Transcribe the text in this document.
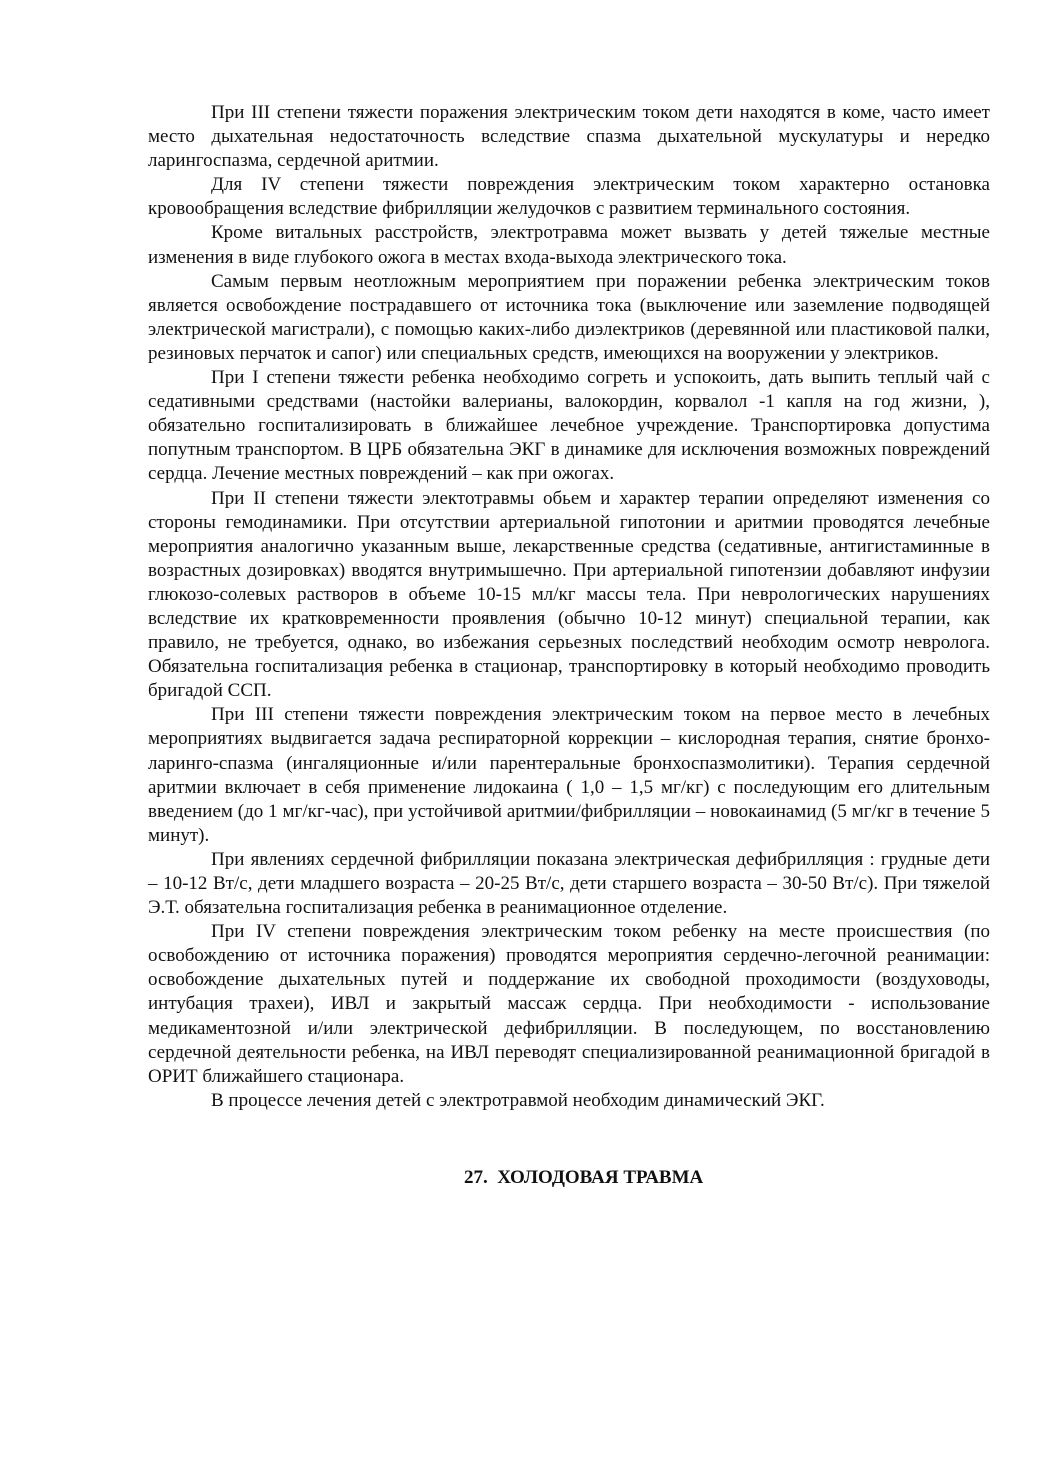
При III степени тяжести поражения электрическим током дети находятся в коме, часто имеет место дыхательная недостаточность вследствие спазма дыхательной мускулатуры и нередко ларингоспазма, сердечной аритмии.

Для IV степени тяжести повреждения электрическим током характерно остановка кровообращения вследствие фибрилляции желудочков с развитием терминального состояния.

Кроме витальных расстройств, электротравма может вызвать у детей тяжелые местные изменения в виде глубокого ожога в местах входа-выхода электрического тока.

Самым первым неотложным мероприятием при поражении ребенка электрическим токов является освобождение пострадавшего от источника тока (выключение или заземление подводящей электрической магистрали), с помощью каких-либо диэлектриков (деревянной или пластиковой палки, резиновых перчаток и сапог) или специальных средств, имеющихся на вооружении у электриков.

При I степени тяжести ребенка необходимо согреть и успокоить, дать выпить теплый чай с седативными средствами (настойки валерианы, валокордин, корвалол -1 капля на год жизни, ), обязательно госпитализировать в ближайшее лечебное учреждение. Транспортировка допустима попутным транспортом. В ЦРБ обязательна ЭКГ в динамике для исключения возможных повреждений сердца. Лечение местных повреждений – как при ожогах.

При II степени тяжести электотравмы обьем и характер терапии определяют изменения со стороны гемодинамики. При отсутствии артериальной гипотонии и аритмии проводятся лечебные мероприятия аналогично указанным выше, лекарственные средства (седативные, антигистаминные в возрастных дозировках) вводятся внутримышечно. При артериальной гипотензии добавляют инфузии глюкозо-солевых растворов в объеме 10-15 мл/кг массы тела. При неврологических нарушениях вследствие их кратковременности проявления (обычно 10-12 минут) специальной терапии, как правило, не требуется, однако, во избежания серьезных последствий необходим осмотр невролога. Обязательна госпитализация ребенка в стационар, транспортировку в который необходимо проводить бригадой ССП.

При III степени тяжести повреждения электрическим током на первое место в лечебных мероприятиях выдвигается задача респираторной коррекции – кислородная терапия, снятие бронхо- ларинго-спазма (ингаляционные и/или парентеральные бронхоспазмолитики). Терапия сердечной аритмии включает в себя применение лидокаина ( 1,0 – 1,5 мг/кг) с последующим его длительным введением (до 1 мг/кг-час), при устойчивой аритмии/фибрилляции – новокаинамид (5 мг/кг в течение 5 минут).

При явлениях сердечной фибрилляции показана электрическая дефибрилляция : грудные дети – 10-12 Вт/с, дети младшего возраста – 20-25 Вт/с, дети старшего возраста – 30-50 Вт/с). При тяжелой Э.Т. обязательна госпитализация ребенка в реанимационное отделение.

При IV степени повреждения электрическим током ребенку на месте происшествия (по освобождению от источника поражения) проводятся мероприятия сердечно-легочной реанимации: освобождение дыхательных путей и поддержание их свободной проходимости (воздуховоды, интубация трахеи), ИВЛ и закрытый массаж сердца. При необходимости - использование медикаментозной и/или электрической дефибрилляции. В последующем, по восстановлению сердечной деятельности ребенка, на ИВЛ переводят специализированной реанимационной бригадой в ОРИТ ближайшего стационара.

В процессе лечения детей с электротравмой необходим динамический ЭКГ.

27.  ХОЛОДОВАЯ ТРАВМА
